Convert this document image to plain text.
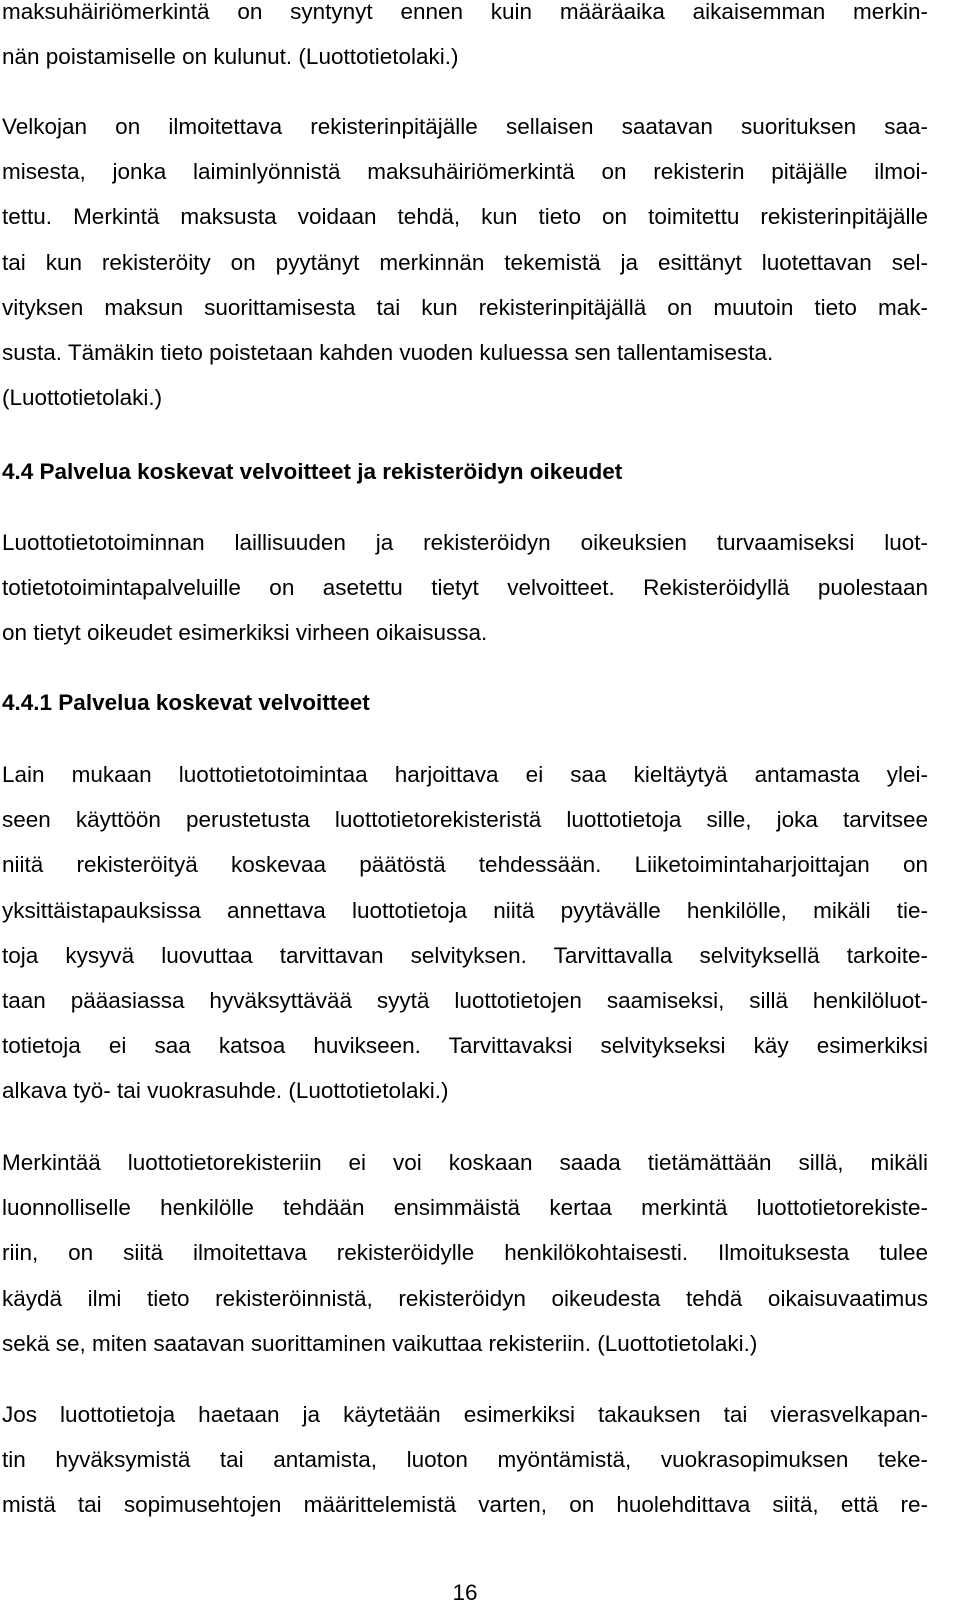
maksuhäiriömerkintä on syntynyt ennen kuin määräaika aikaisemman merkin-
nän poistamiselle on kulunut. (Luottotietolaki.)

Velkojan on ilmoitettava rekisterinpitäjälle sellaisen saatavan suorituksen saa-
misesta, jonka laiminlyönnistä maksuhäiriömerkintä on rekisterin pitäjälle ilmoi-
tettu. Merkintä maksusta voidaan tehdä, kun tieto on toimitettu rekisterinpitäjälle
tai kun rekisteröity on pyytänyt merkinnän tekemistä ja esittänyt luotettavan sel-
vityksen maksun suorittamisesta tai kun rekisterinpitäjällä on muutoin tieto mak-
susta. Tämäkin tieto poistetaan kahden vuoden kuluessa sen tallentamisesta.
(Luottotietolaki.)

4.4 Palvelua koskevat velvoitteet ja rekisteröidyn oikeudet

Luottotietotoiminnan laillisuuden ja rekisteröidyn oikeuksien turvaamiseksi luot-
totietotoimintapalveluille on asetettu tietyt velvoitteet. Rekisteröidyllä puolestaan
on tietyt oikeudet esimerkiksi virheen oikaisussa.

4.4.1 Palvelua koskevat velvoitteet

Lain mukaan luottotietotoimintaa harjoittava ei saa kieltäytyä antamasta ylei-
seen käyttöön perustetusta luottotietorekisteristä luottotietoja sille, joka tarvitsee
niitä rekisteröityä koskevaa päätöstä tehdessään. Liiketoimintaharjoittajan on
yksittäistapauksissa annettava luottotietoja niitä pyytävälle henkilölle, mikäli tie-
toja kysyvä luovuttaa tarvittavan selvityksen. Tarvittavalla selvityksellä tarkoite-
taan pääasiassa hyväksyttävää syytä luottotietojen saamiseksi, sillä henkilöluot-
totietoja ei saa katsoa huvikseen. Tarvittavaksi selvitykseksi käy esimerkiksi
alkava työ- tai vuokrasuhde. (Luottotietolaki.)

Merkintää luottotietorekisteriin ei voi koskaan saada tietämättään sillä, mikäli
luonnolliselle henkilölle tehdään ensimmäistä kertaa merkintä luottotietorekiste-
riin, on siitä ilmoitettava rekisteröidylle henkilökohtaisesti. Ilmoituksesta tulee
käydä ilmi tieto rekisteröinnistä, rekisteröidyn oikeudesta tehdä oikaisuvaatimus
sekä se, miten saatavan suorittaminen vaikuttaa rekisteriin. (Luottotietolaki.)

Jos luottotietoja haetaan ja käytetään esimerkiksi takauksen tai vierasvelkapan-
tin hyväksymistä tai antamista, luoton myöntämistä, vuokrasopimuksen teke-
mistä tai sopimusehtojen määrittelemistä varten, on huolehdittava siitä, että re-

16
